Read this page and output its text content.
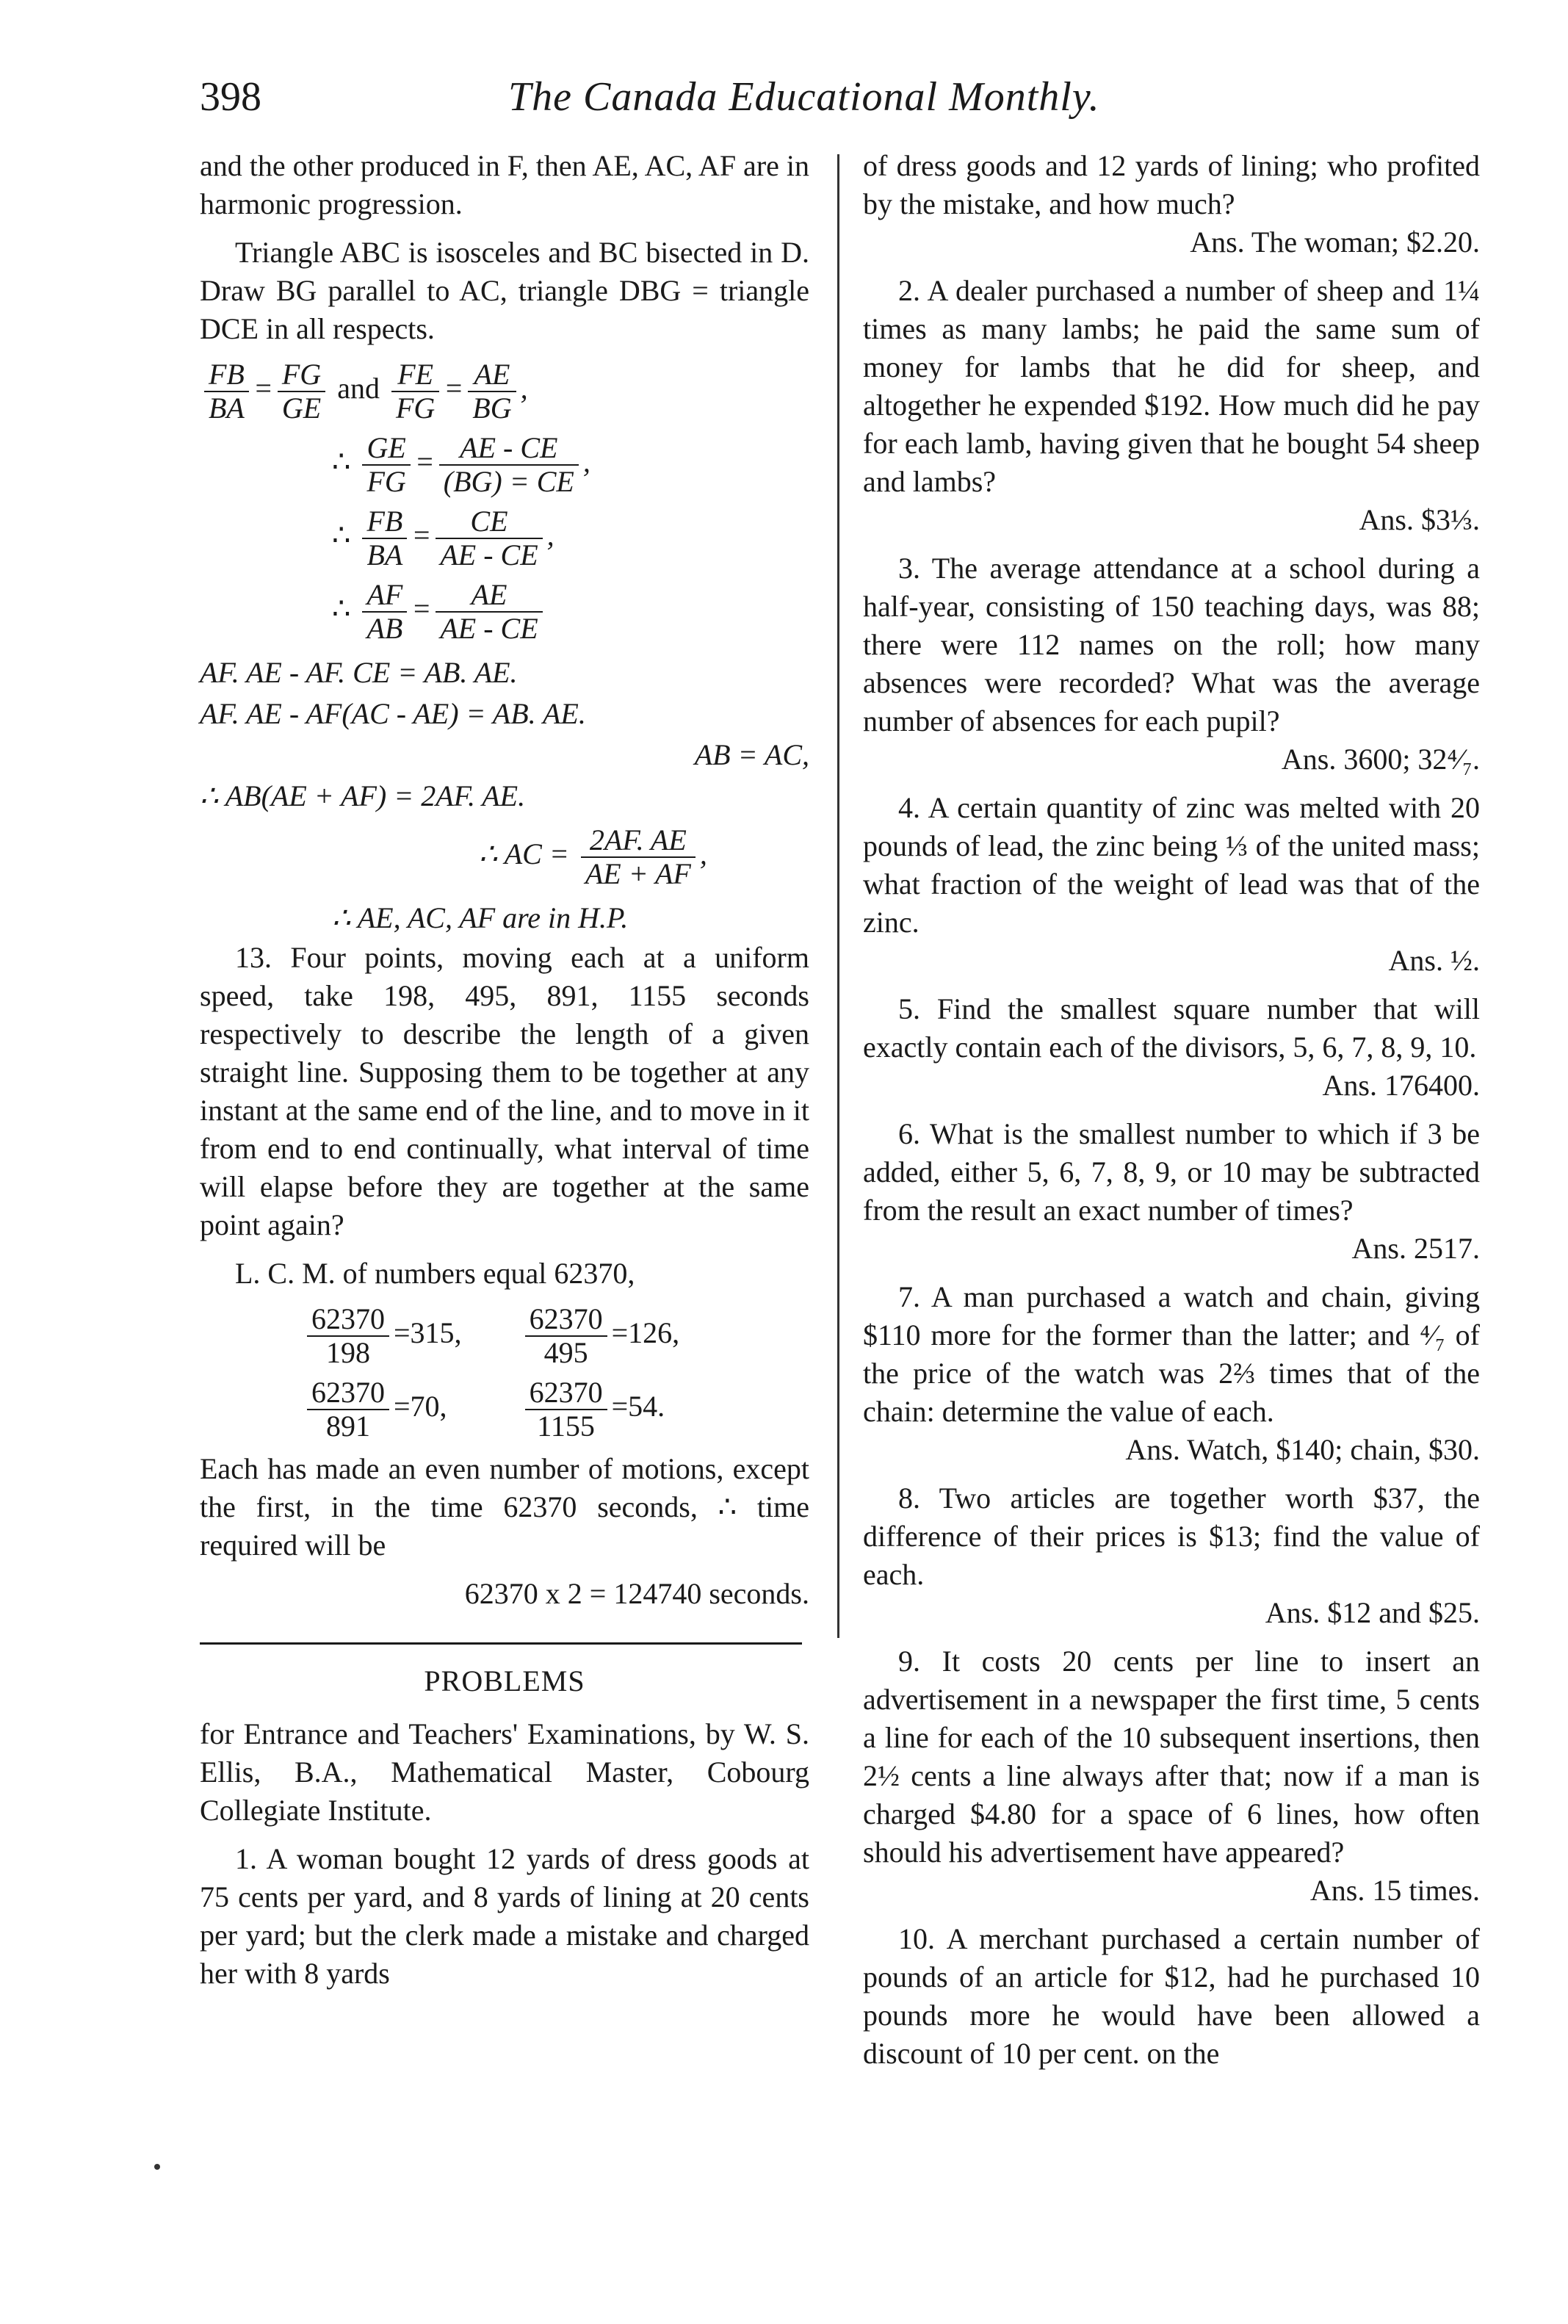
398	The Canada Educational Monthly.

and the other produced in F, then AE, AC, AF are in harmonic progression.

Triangle ABC is isosceles and BC bisected in D. Draw BG parallel to AC, triangle DBG = triangle DCE in all respects.

$\frac{FB}{BA} = \frac{FG}{GE}$ and $\frac{FE}{FG} = \frac{AE}{BG}$ ,
∴ $\frac{GE}{FG} = \frac{AE - CE}{(BG) = CE}$ ,
∴ $\frac{FB}{BA} = \frac{CE}{AE - CE}$ ,
∴ $\frac{AF}{AB} = \frac{AE}{AE - CE}$

AF. AE - AF. CE = AB. AE.

AF. AE - AF(AC - AE) = AB. AE.

AB = AC,

∴ AB(AE + AF) = 2AF. AE.

∴ AC = $\frac{2AF. AE}{AE + AF}$ ,

∴ AE, AC, AF are in H.P.

13. Four points, moving each at a uniform speed, take 198, 495, 891, 1155 seconds respectively to describe the length of a given straight line. Supposing them to be together at any instant at the same end of the line, and to move in it from end to end continually, what interval of time will elapse before they are together at the same point again?

L. C. M. of numbers equal 62370,

$\frac{62370}{198} =315$, $\frac{62370}{495} =126$,
$\frac{62370}{891} =70$,	$\frac{62370}{1155} =54$.

Each has made an even number of motions, except the first, in the time 62370 seconds, ∴ time required will be

62370 x 2 = 124740 seconds.

PROBLEMS

for Entrance and Teachers' Examinations, by W. S. Ellis, B.A., Mathematical Master, Cobourg Collegiate Institute.

1. A woman bought 12 yards of dress goods at 75 cents per yard, and 8 yards of lining at 20 cents per yard; but the clerk made a mistake and charged her with 8 yards

of dress goods and 12 yards of lining; who profited by the mistake, and how much?

Ans. The woman; $2.20.

2. A dealer purchased a number of sheep and 1¼ times as many lambs; he paid the same sum of money for lambs that he did for sheep, and altogether he expended $192. How much did he pay for each lamb, having given that he bought 54 sheep and lambs?

Ans. $3⅓.

3. The average attendance at a school during a half-year, consisting of 150 teaching days, was 88; there were 112 names on the roll; how many absences were recorded? What was the average number of absences for each pupil?

Ans. 3600; 32⁴⁄₇.

4. A certain quantity of zinc was melted with 20 pounds of lead, the zinc being ⅓ of the united mass; what fraction of the weight of lead was that of the zinc.

Ans. ½.

5. Find the smallest square number that will exactly contain each of the divisors, 5, 6, 7, 8, 9, 10.

Ans. 176400.

6. What is the smallest number to which if 3 be added, either 5, 6, 7, 8, 9, or 10 may be subtracted from the result an exact number of times?

Ans. 2517.

7. A man purchased a watch and chain, giving $110 more for the former than the latter; and ⁴⁄₇ of the price of the watch was 2⅔ times that of the chain: determine the value of each.

Ans. Watch, $140; chain, $30.

8. Two articles are together worth $37, the difference of their prices is $13; find the value of each.

Ans. $12 and $25.

9. It costs 20 cents per line to insert an advertisement in a newspaper the first time, 5 cents a line for each of the 10 subsequent insertions, then 2½ cents a line always after that; now if a man is charged $4.80 for a space of 6 lines, how often should his advertisement have appeared?

Ans. 15 times.

10. A merchant purchased a certain number of pounds of an article for $12, had he purchased 10 pounds more he would have been allowed a discount of 10 per cent. on the
